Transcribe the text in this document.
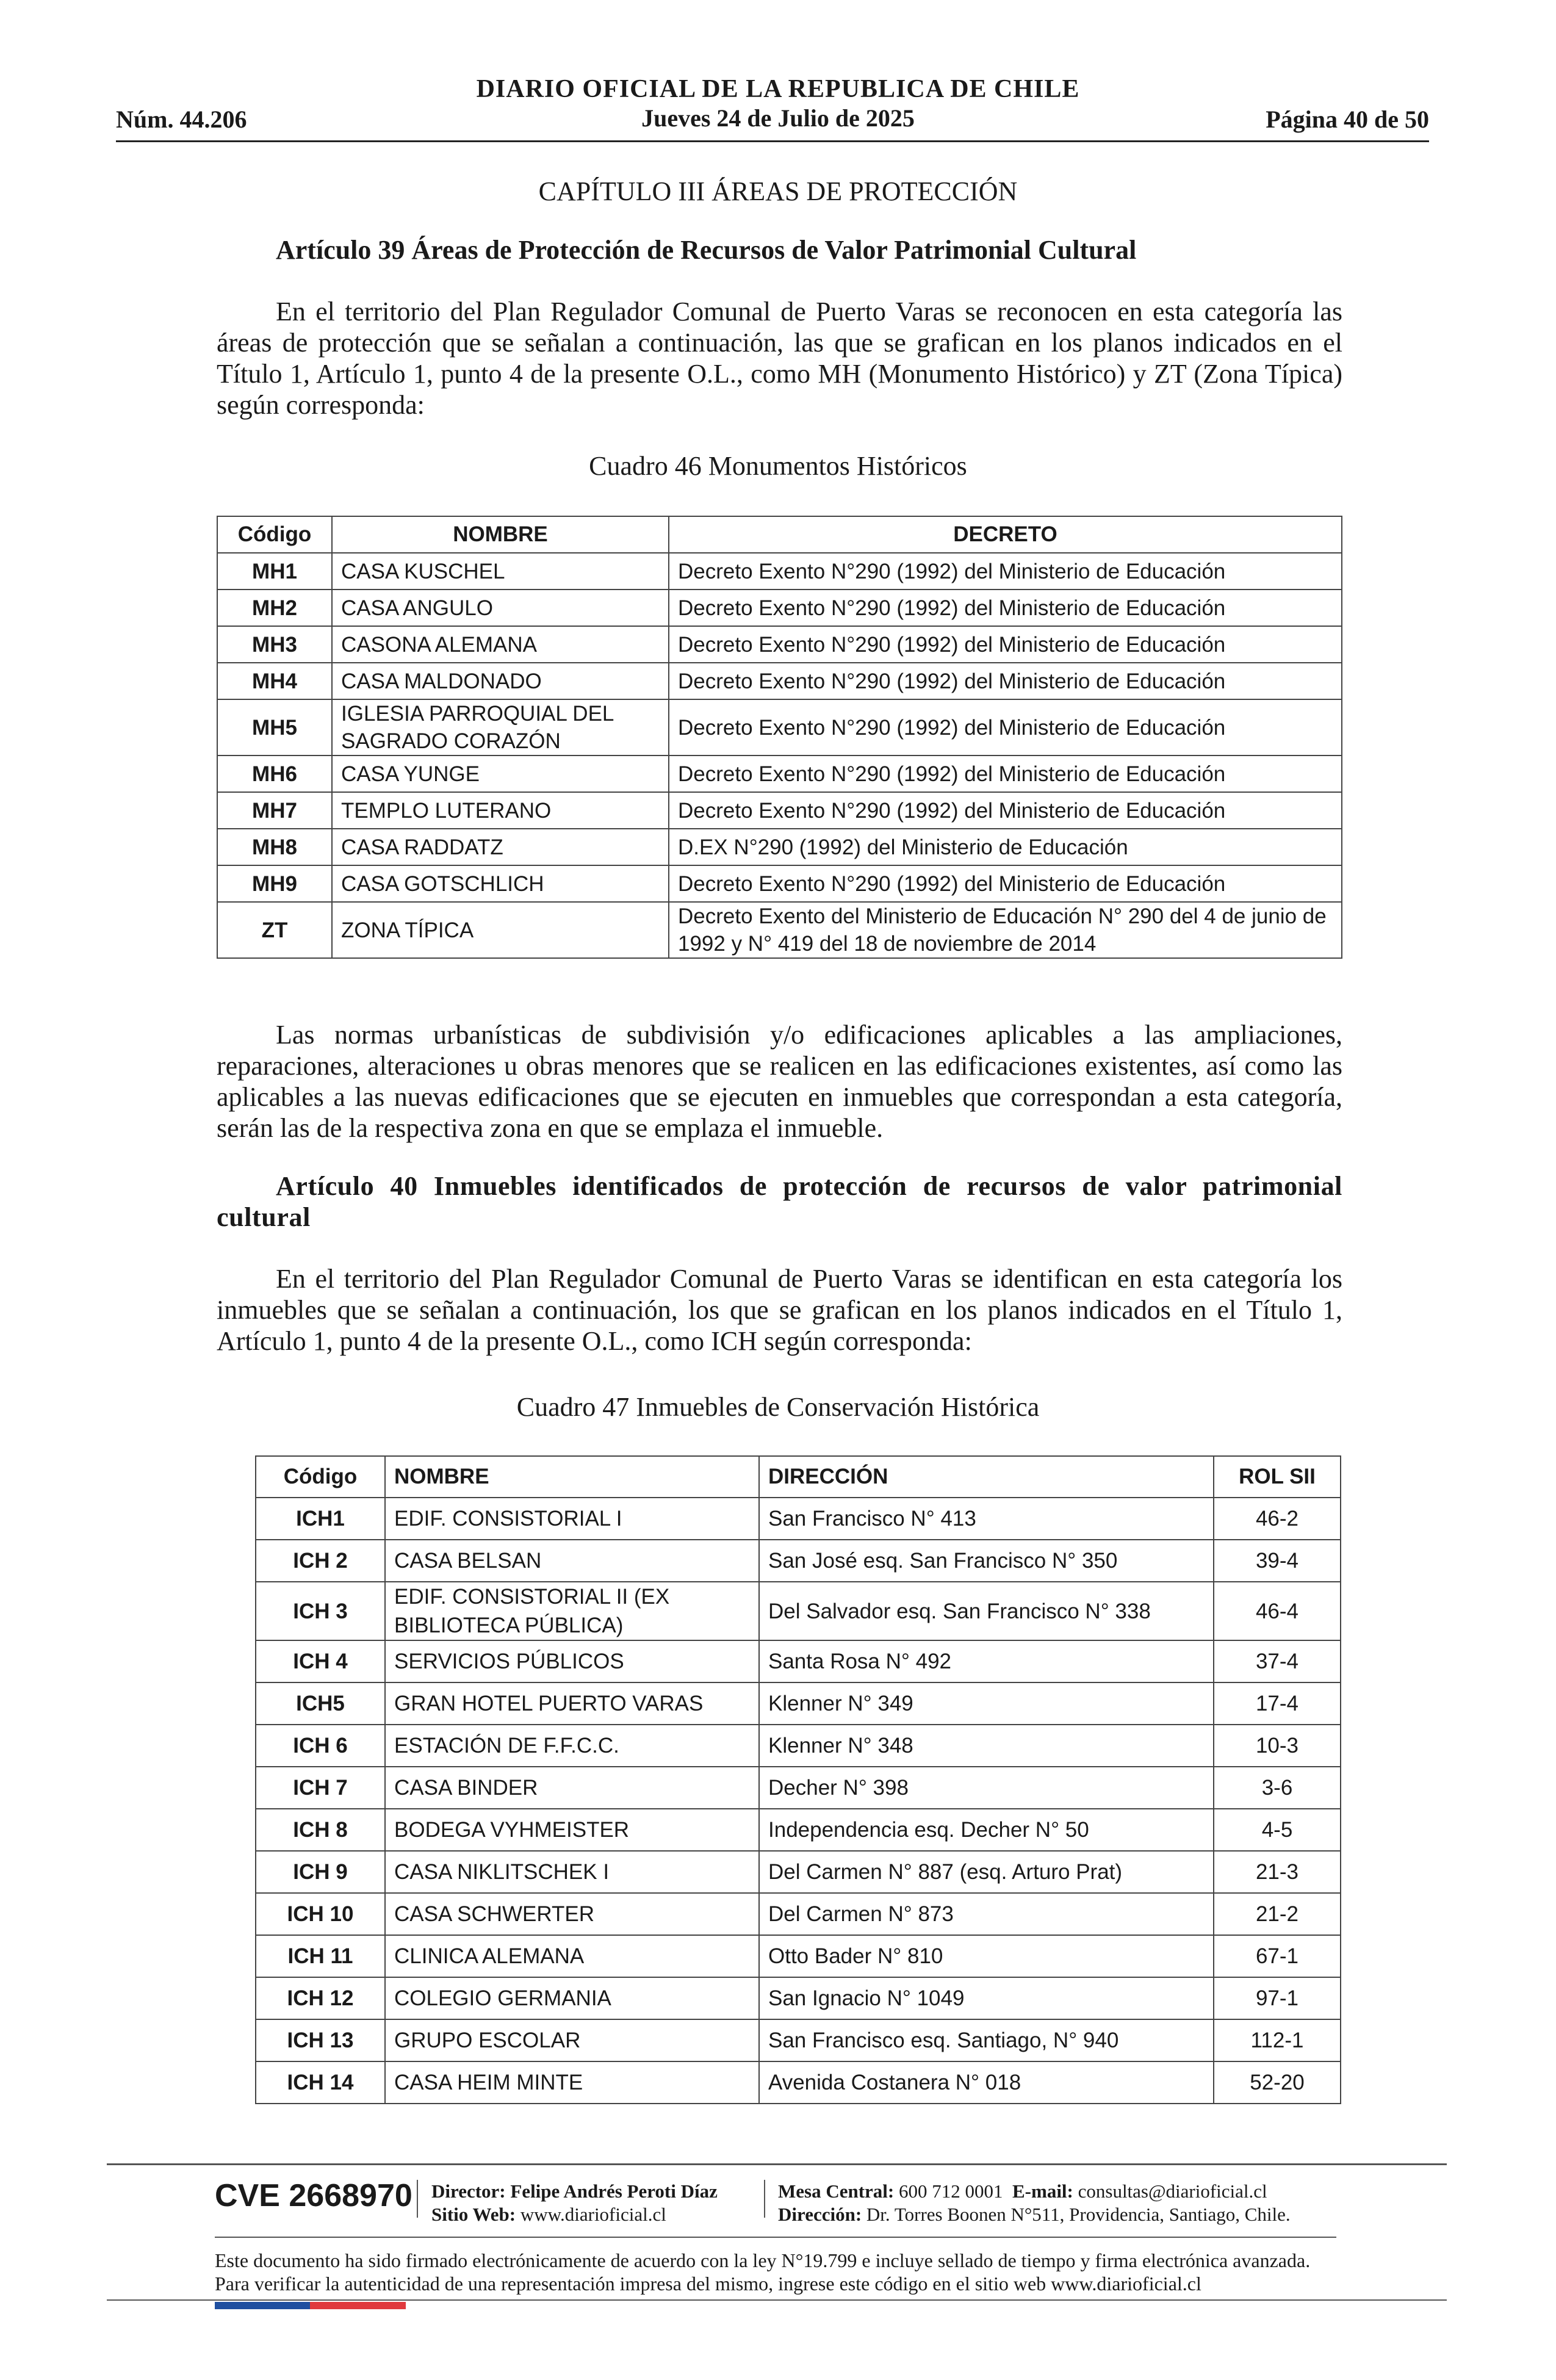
DIARIO OFICIAL DE LA REPUBLICA DE CHILE
Jueves 24 de Julio de 2025
Núm. 44.206	Página 40 de 50
CAPÍTULO III ÁREAS DE PROTECCIÓN
Artículo 39 Áreas de Protección de Recursos de Valor Patrimonial Cultural
En el territorio del Plan Regulador Comunal de Puerto Varas se reconocen en esta categoría las áreas de protección que se señalan a continuación, las que se grafican en los planos indicados en el Título 1, Artículo 1, punto 4 de la presente O.L., como MH (Monumento Histórico) y ZT (Zona Típica) según corresponda:
Cuadro 46 Monumentos Históricos
Código	NOMBRE	DECRETO
MH1	CASA KUSCHEL	Decreto Exento N°290 (1992) del Ministerio de Educación
MH2	CASA ANGULO	Decreto Exento N°290 (1992) del Ministerio de Educación
MH3	CASONA ALEMANA	Decreto Exento N°290 (1992) del Ministerio de Educación
MH4	CASA MALDONADO	Decreto Exento N°290 (1992) del Ministerio de Educación
MH5	IGLESIA PARROQUIAL DEL SAGRADO CORAZÓN	Decreto Exento N°290 (1992) del Ministerio de Educación
MH6	CASA YUNGE	Decreto Exento N°290 (1992) del Ministerio de Educación
MH7	TEMPLO LUTERANO	Decreto Exento N°290 (1992) del Ministerio de Educación
MH8	CASA RADDATZ	D.EX N°290 (1992) del Ministerio de Educación
MH9	CASA GOTSCHLICH	Decreto Exento N°290 (1992) del Ministerio de Educación
ZT	ZONA TÍPICA	Decreto Exento del Ministerio de Educación N° 290 del 4 de junio de 1992 y N° 419 del 18 de noviembre de 2014
Las normas urbanísticas de subdivisión y/o edificaciones aplicables a las ampliaciones, reparaciones, alteraciones u obras menores que se realicen en las edificaciones existentes, así como las aplicables a las nuevas edificaciones que se ejecuten en inmuebles que correspondan a esta categoría, serán las de la respectiva zona en que se emplaza el inmueble.
Artículo 40 Inmuebles identificados de protección de recursos de valor patrimonial cultural
En el territorio del Plan Regulador Comunal de Puerto Varas se identifican en esta categoría los inmuebles que se señalan a continuación, los que se grafican en los planos indicados en el Título 1, Artículo 1, punto 4 de la presente O.L., como ICH según corresponda:
Cuadro 47 Inmuebles de Conservación Histórica
Código	NOMBRE	DIRECCIÓN	ROL SII
ICH1	EDIF. CONSISTORIAL I	San Francisco N° 413	46-2
ICH 2	CASA BELSAN	San José esq. San Francisco N° 350	39-4
ICH 3	EDIF. CONSISTORIAL II (EX BIBLIOTECA PÚBLICA)	Del Salvador esq. San Francisco N° 338	46-4
ICH 4	SERVICIOS PÚBLICOS	Santa Rosa N° 492	37-4
ICH5	GRAN HOTEL PUERTO VARAS	Klenner N° 349	17-4
ICH 6	ESTACIÓN DE F.F.C.C.	Klenner N° 348	10-3
ICH 7	CASA BINDER	Decher N° 398	3-6
ICH 8	BODEGA VYHMEISTER	Independencia esq. Decher N° 50	4-5
ICH 9	CASA NIKLITSCHEK I	Del Carmen N° 887 (esq. Arturo Prat)	21-3
ICH 10	CASA SCHWERTER	Del Carmen N° 873	21-2
ICH 11	CLINICA ALEMANA	Otto Bader N° 810	67-1
ICH 12	COLEGIO GERMANIA	San Ignacio N° 1049	97-1
ICH 13	GRUPO ESCOLAR	San Francisco esq. Santiago, N° 940	112-1
ICH 14	CASA HEIM MINTE	Avenida Costanera N° 018	52-20
CVE 2668970 Director: Felipe Andrés Peroti Díaz
Sitio Web: www.diarioficial.cl
Mesa Central: 600 712 0001 E-mail: consultas@diarioficial.cl
Dirección: Dr. Torres Boonen N°511, Providencia, Santiago, Chile.
Este documento ha sido firmado electrónicamente de acuerdo con la ley N°19.799 e incluye sellado de tiempo y firma electrónica avanzada. Para verificar la autenticidad de una representación impresa del mismo, ingrese este código en el sitio web www.diarioficial.cl
